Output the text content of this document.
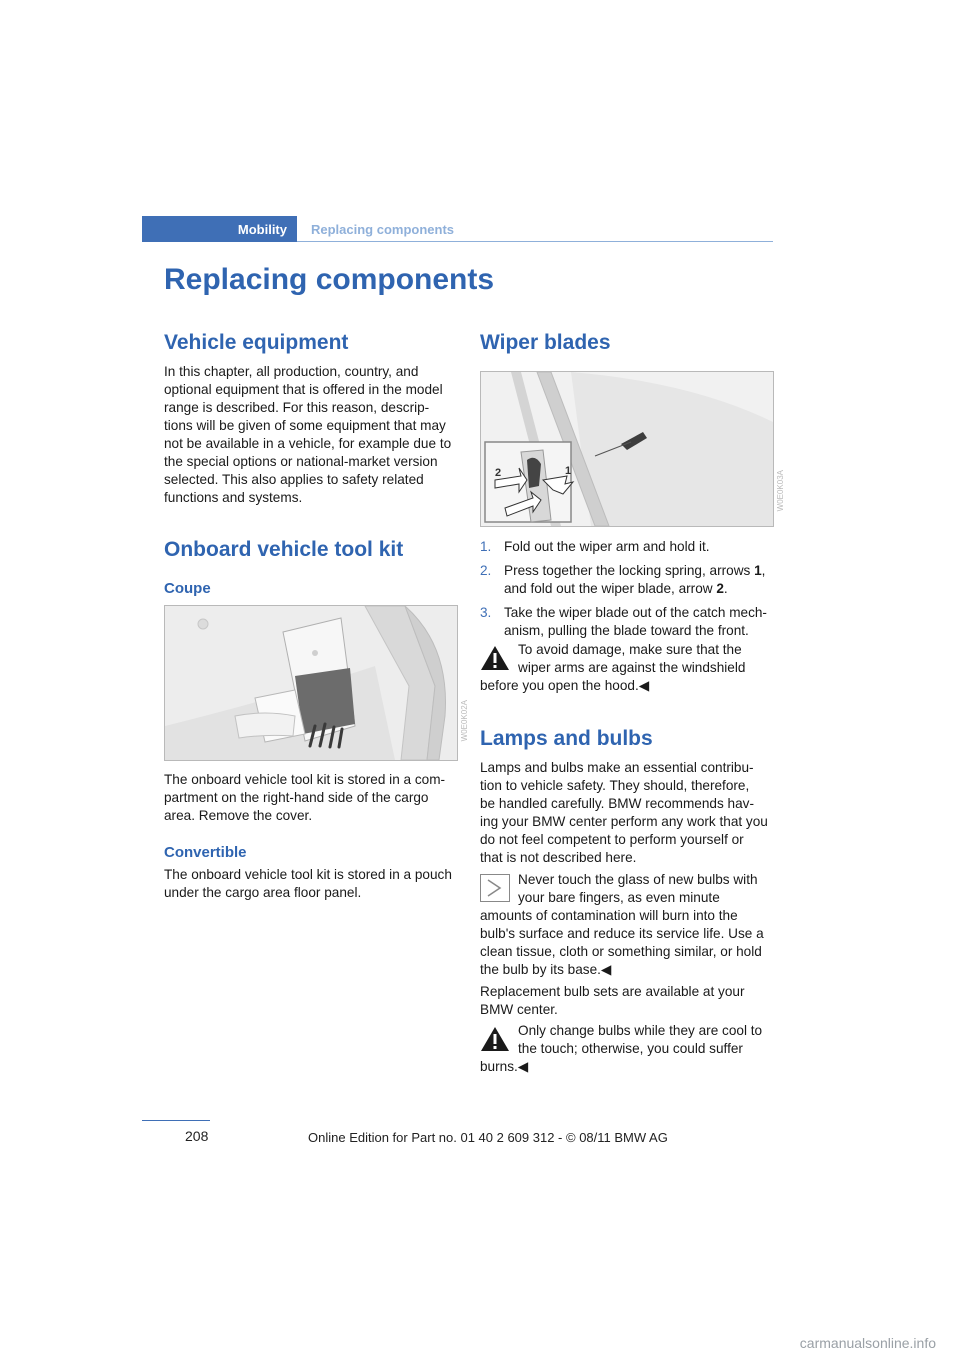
Mobility Replacing components
Replacing components
Vehicle equipment

In this chapter, all production, country, and
optional equipment that is offered in the model
range is described. For this reason, descrip-
tions will be given of some equipment that may
not be available in a vehicle, for example due to
the special options or national-market version
selected. This also applies to safety related
functions and systems.

Onboard vehicle tool kit
Coupe
W0E0K02A

The onboard vehicle tool kit is stored in a com-
partment on the right-hand side of the cargo
area. Remove the cover.

Convertible

The onboard vehicle tool kit is stored in a pouch
under the cargo area floor panel.

Wiper blades
2	1	W0E0K03A
1. Fold out the wiper arm and hold it.
2. Press together the locking spring, arrows 1,
and fold out the wiper blade, arrow 2.
3. Take the wiper blade out of the catch mech-
anism, pulling the blade toward the front.
To avoid damage, make sure that the
wiper arms are against the windshield
before you open the hood.◀
Lamps and bulbs

Lamps and bulbs make an essential contribu-
tion to vehicle safety. They should, therefore,
be handled carefully. BMW recommends hav-
ing your BMW center perform any work that you
do not feel competent to perform yourself or
that is not described here.

Never touch the glass of new bulbs with
your bare fingers, as even minute
amounts of contamination will burn into the
bulb's surface and reduce its service life. Use a
clean tissue, cloth or something similar, or hold
the bulb by its base.◀

Replacement bulb sets are available at your
BMW center.

Only change bulbs while they are cool to
the touch; otherwise, you could suffer
burns.◀
208	Online Edition for Part no. 01 40 2 609 312 - © 08/11 BMW AG
carmanualsonline.info
